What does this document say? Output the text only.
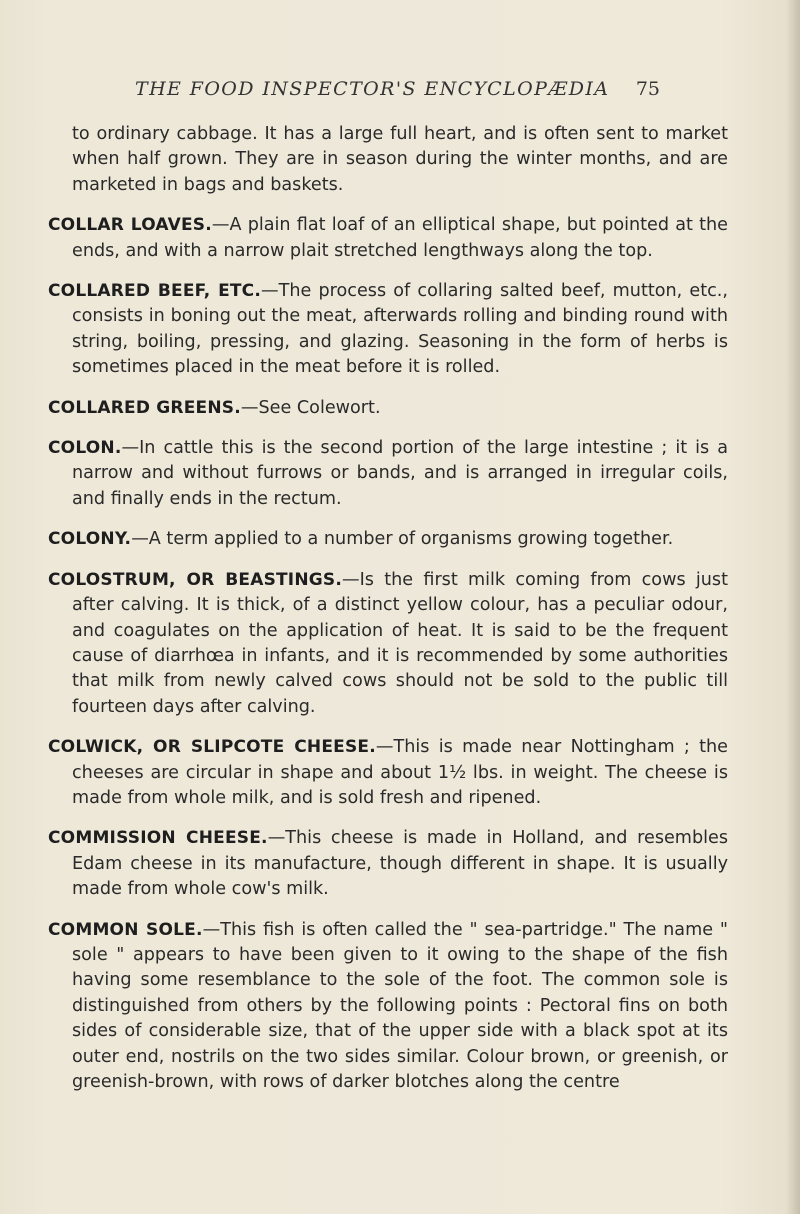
THE FOOD INSPECTOR'S ENCYCLOPÆDIA 75

to ordinary cabbage. It has a large full heart, and is often sent to market when half grown. They are in season during the winter months, and are marketed in bags and baskets.

COLLAR LOAVES.—A plain flat loaf of an elliptical shape, but pointed at the ends, and with a narrow plait stretched lengthways along the top.

COLLARED BEEF, ETC.—The process of collaring salted beef, mutton, etc., consists in boning out the meat, afterwards rolling and binding round with string, boiling, pressing, and glazing. Seasoning in the form of herbs is sometimes placed in the meat before it is rolled.

COLLARED GREENS.—See Colewort.

COLON.—In cattle this is the second portion of the large intestine ; it is a narrow and without furrows or bands, and is arranged in irregular coils, and finally ends in the rectum.

COLONY.—A term applied to a number of organisms growing together.

COLOSTRUM, OR BEASTINGS.—Is the first milk coming from cows just after calving. It is thick, of a distinct yellow colour, has a peculiar odour, and coagulates on the application of heat. It is said to be the frequent cause of diarrhœa in infants, and it is recommended by some authorities that milk from newly calved cows should not be sold to the public till fourteen days after calving.

COLWICK, OR SLIPCOTE CHEESE.—This is made near Nottingham ; the cheeses are circular in shape and about 1½ lbs. in weight. The cheese is made from whole milk, and is sold fresh and ripened.

COMMISSION CHEESE.—This cheese is made in Holland, and resembles Edam cheese in its manufacture, though different in shape. It is usually made from whole cow's milk.

COMMON SOLE.—This fish is often called the " sea-partridge." The name " sole " appears to have been given to it owing to the shape of the fish having some resemblance to the sole of the foot. The common sole is distinguished from others by the following points : Pectoral fins on both sides of considerable size, that of the upper side with a black spot at its outer end, nostrils on the two sides similar. Colour brown, or greenish, or greenish-brown, with rows of darker blotches along the centre
